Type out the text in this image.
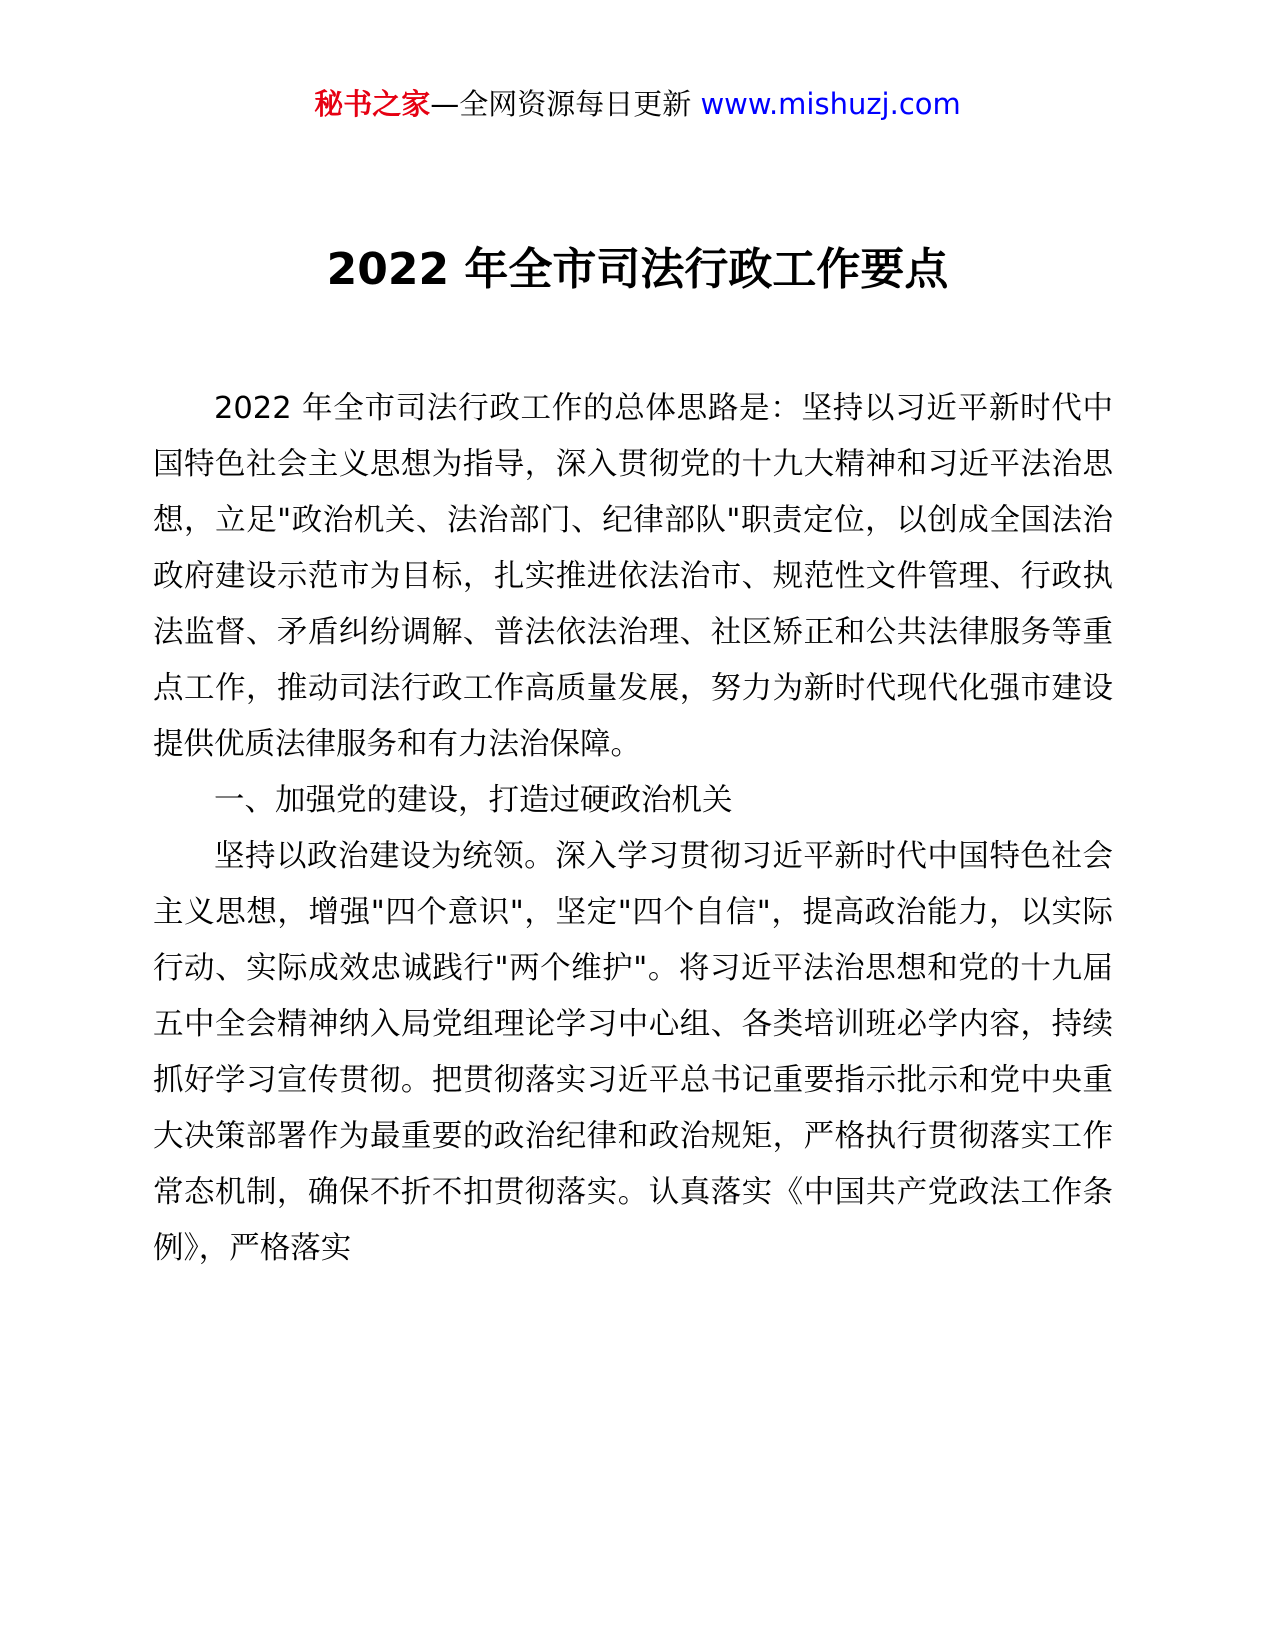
秘书之家—全网资源每日更新 www.mishuzj.com
2022 年全市司法行政工作要点

2022 年全市司法行政工作的总体思路是：坚持以习近平新时代中国特色社会主义思想为指导，深入贯彻党的十九大精神和习近平法治思想，立足"政治机关、法治部门、纪律部队"职责定位，以创成全国法治政府建设示范市为目标，扎实推进依法治市、规范性文件管理、行政执法监督、矛盾纠纷调解、普法依法治理、社区矫正和公共法律服务等重点工作，推动司法行政工作高质量发展，努力为新时代现代化强市建设提供优质法律服务和有力法治保障。

一、加强党的建设，打造过硬政治机关

坚持以政治建设为统领。深入学习贯彻习近平新时代中国特色社会主义思想，增强"四个意识"，坚定"四个自信"，提高政治能力，以实际行动、实际成效忠诚践行"两个维护"。将习近平法治思想和党的十九届五中全会精神纳入局党组理论学习中心组、各类培训班必学内容，持续抓好学习宣传贯彻。把贯彻落实习近平总书记重要指示批示和党中央重大决策部署作为最重要的政治纪律和政治规矩，严格执行贯彻落实工作常态机制，确保不折不扣贯彻落实。认真落实《中国共产党政法工作条例》，严格落实
